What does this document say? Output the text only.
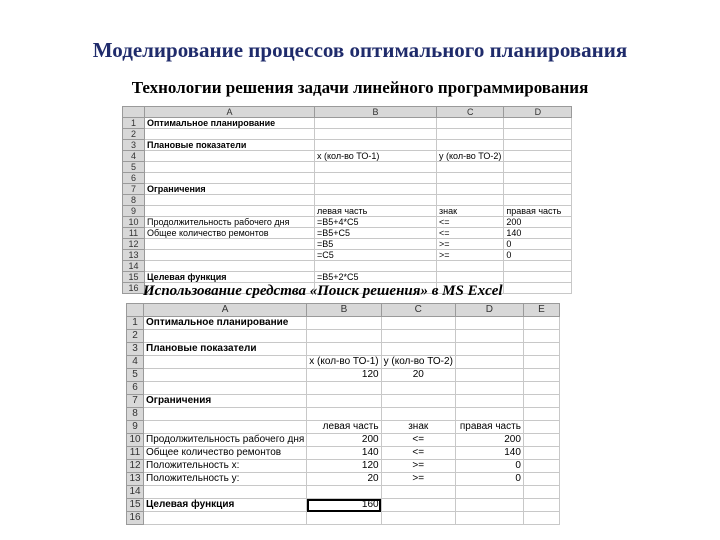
Моделирование процессов оптимального планирования
Технологии решения задачи линейного программирования
	A	B	C	D	
1	Оптимальное планирование				
2					
3	Плановые показатели				
4		x (кол-во ТО-1)	y (кол-во ТО-2)		
5					
6					
7	Ограничения				
8					
9		левая часть	знак	правая часть	
10	Продолжительность рабочего дня	=B5+4*C5	<=	200	
11	Общее количество ремонтов	=B5+C5	<=	140	
12		=B5	>=	0	
13		=C5	>=	0	
14					
15	Целевая функция	=B5+2*C5			
16					Использование средства «Поиск решения» в MS Excel
	A	B	C	D	E
1	Оптимальное планирование				
2					
3	Плановые показатели				
4		x (кол-во ТО-1)	y (кол-во ТО-2)		
5		120	20		
6					
7	Ограничения				
8					
9		левая часть	знак	правая часть	
10	Продолжительность рабочего дня	200	<=	200	
11	Общее количество ремонтов	140	<=	140	
12	Положительность x:	120	>=	0	
13	Положительность y:	20	>=	0	
14					
15	Целевая функция	160			
16					
